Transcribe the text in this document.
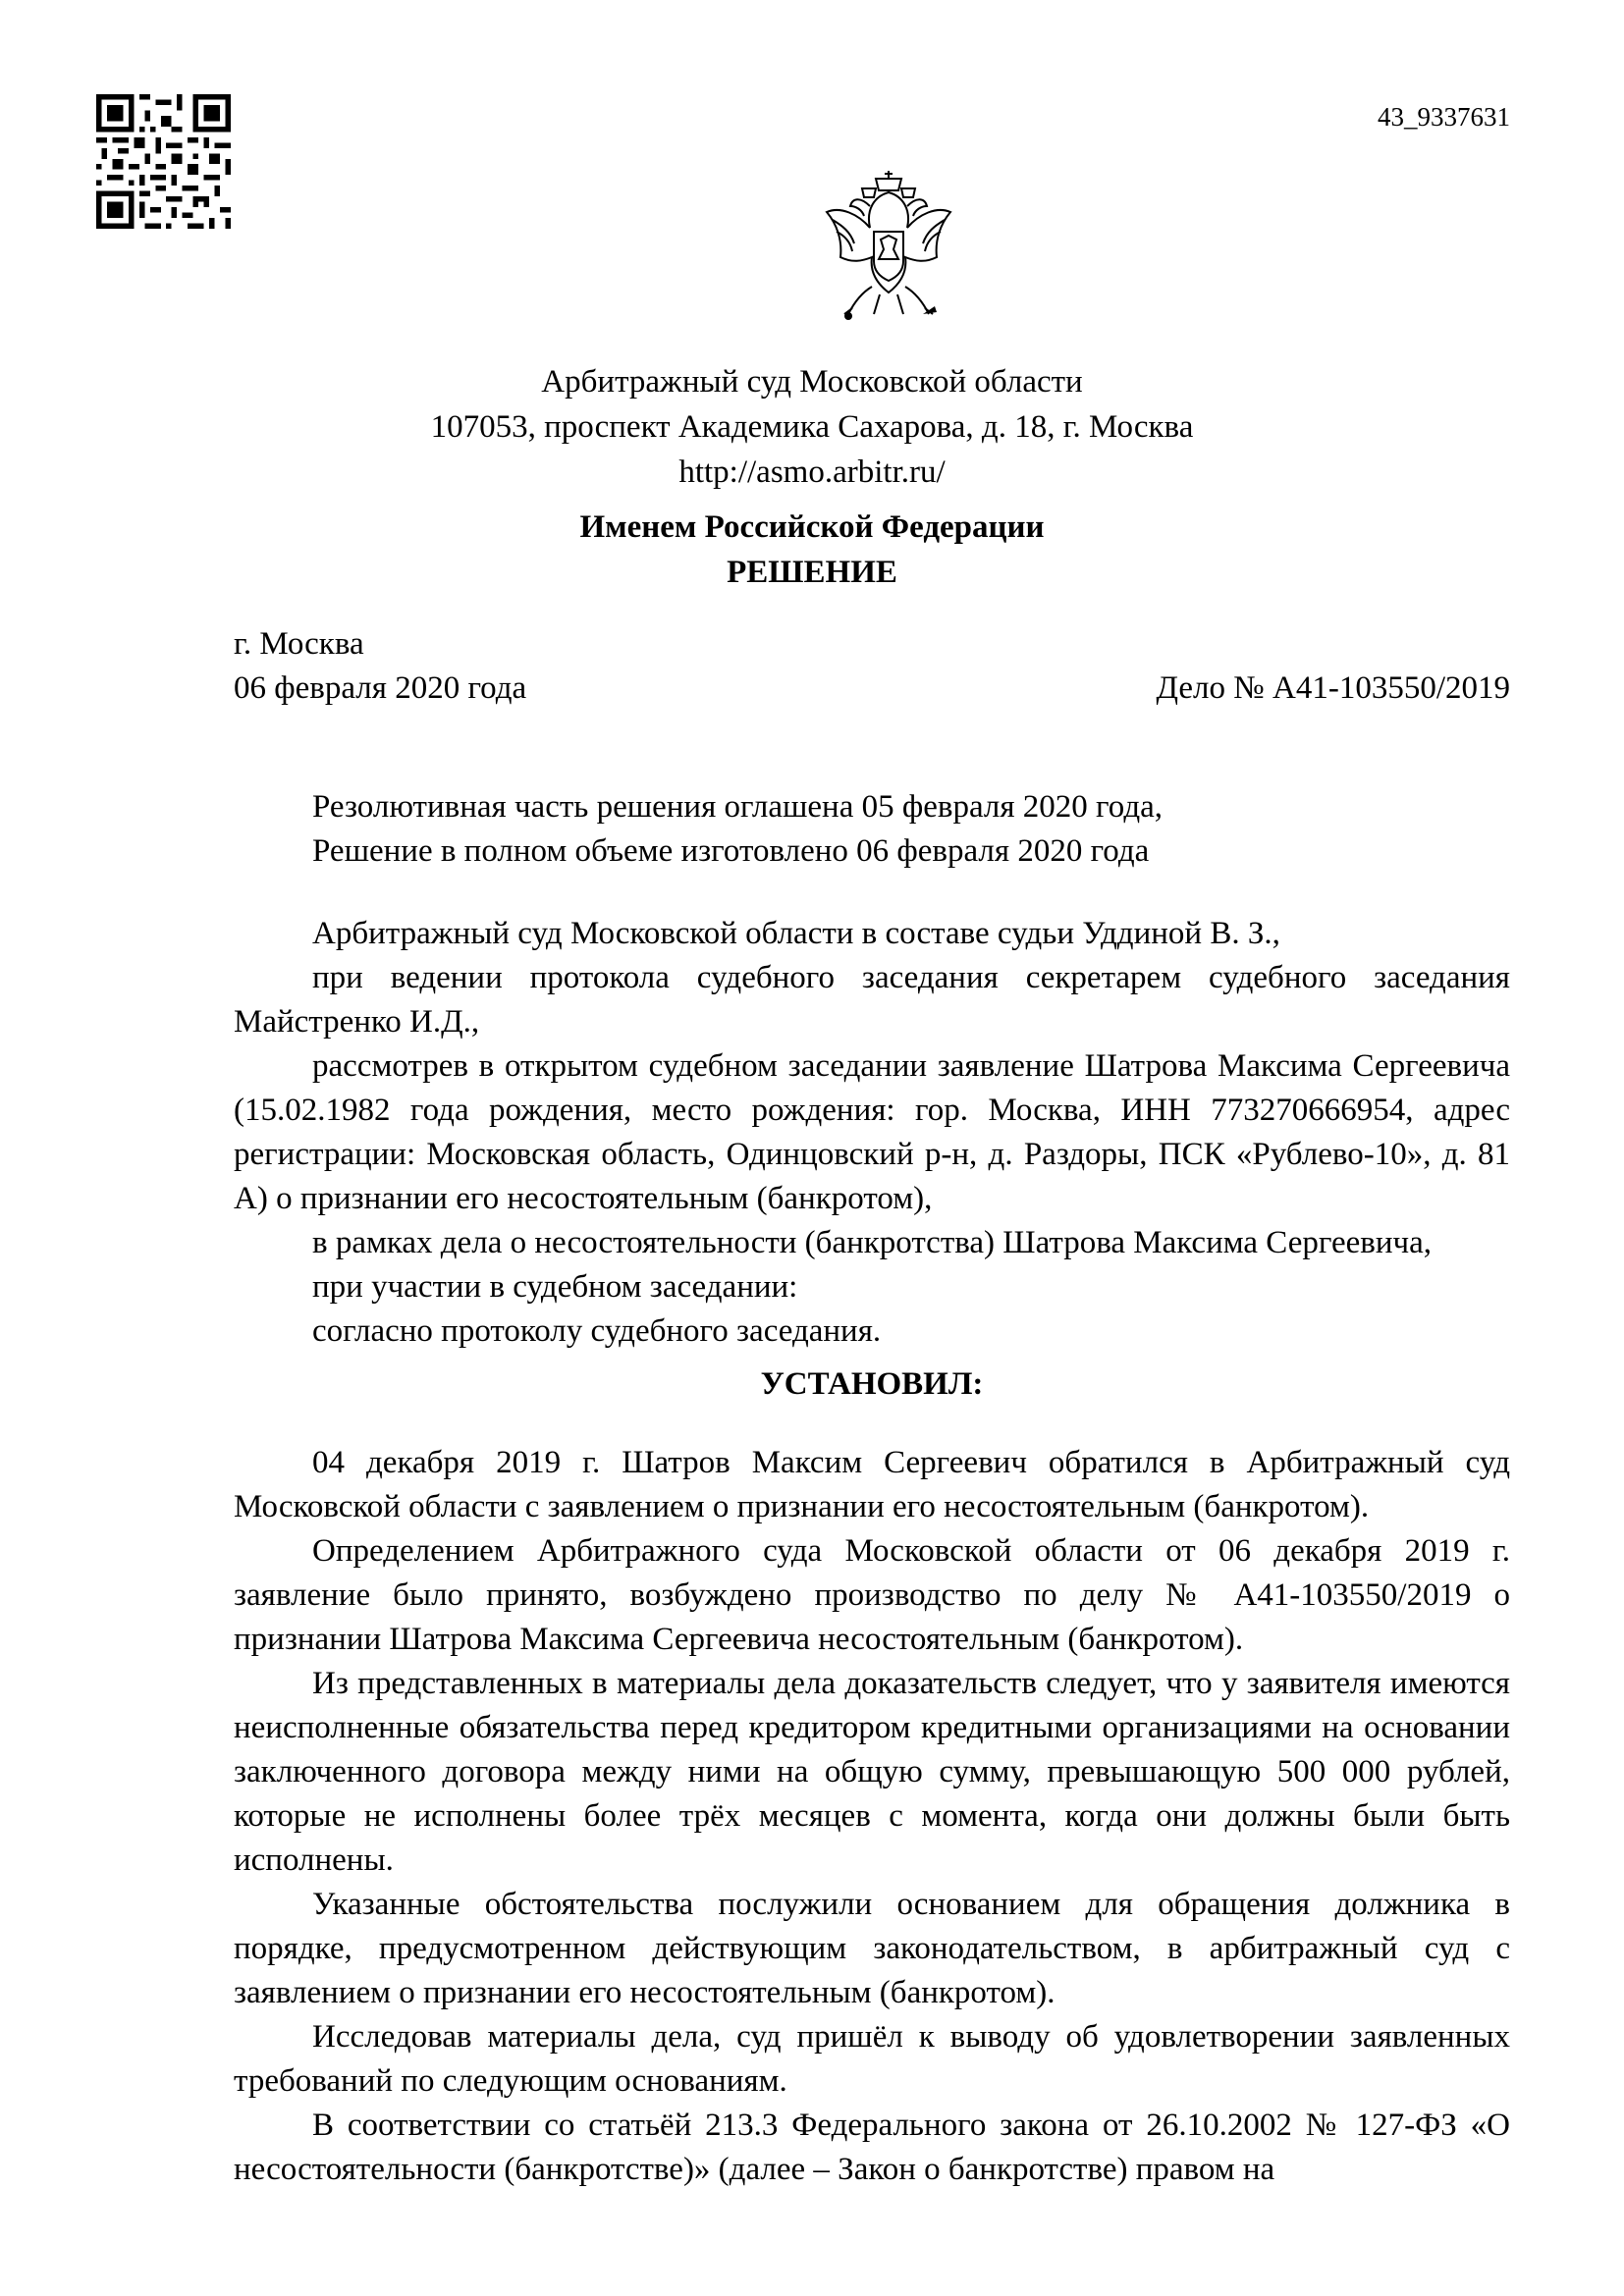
43_9337631
Арбитражный суд Московской области
107053, проспект Академика Сахарова, д. 18, г. Москва
http://asmo.arbitr.ru/
Именем Российской Федерации
РЕШЕНИЕ
г. Москва
06 февраля 2020 года	Дело № А41-103550/2019
Резолютивная часть решения оглашена 05 февраля 2020 года,
Решение в полном объеме изготовлено 06 февраля 2020 года

Арбитражный суд Московской области в составе судьи Уддиной В. З.,

при ведении протокола судебного заседания секретарем судебного заседания Майстренко И.Д.,

рассмотрев в открытом судебном заседании заявление Шатрова Максима Сергеевича (15.02.1982 года рождения, место рождения: гор. Москва, ИНН 773270666954, адрес регистрации: Московская область, Одинцовский р-н, д. Раздоры, ПСК «Рублево-10», д. 81 А) о признании его несостоятельным (банкротом),

в рамках дела о несостоятельности (банкротства) Шатрова Максима Сергеевича,

при участии в судебном заседании:

согласно протоколу судебного заседания.

УСТАНОВИЛ:

04 декабря 2019 г. Шатров Максим Сергеевич обратился в Арбитражный суд Московской области с заявлением о признании его несостоятельным (банкротом).

Определением Арбитражного суда Московской области от 06 декабря 2019 г. заявление было принято, возбуждено производство по делу № А41-103550/2019 о признании Шатрова Максима Сергеевича несостоятельным (банкротом).

Из представленных в материалы дела доказательств следует, что у заявителя имеются неисполненные обязательства перед кредитором кредитными организациями на основании заключенного договора между ними на общую сумму, превышающую 500 000 рублей, которые не исполнены более трёх месяцев с момента, когда они должны были быть исполнены.

Указанные обстоятельства послужили основанием для обращения должника в порядке, предусмотренном действующим законодательством, в арбитражный суд с заявлением о признании его несостоятельным (банкротом).

Исследовав материалы дела, суд пришёл к выводу об удовлетворении заявленных требований по следующим основаниям.

В соответствии со статьёй 213.3 Федерального закона от 26.10.2002 № 127-ФЗ «О несостоятельности (банкротстве)» (далее – Закон о банкротстве) правом на
